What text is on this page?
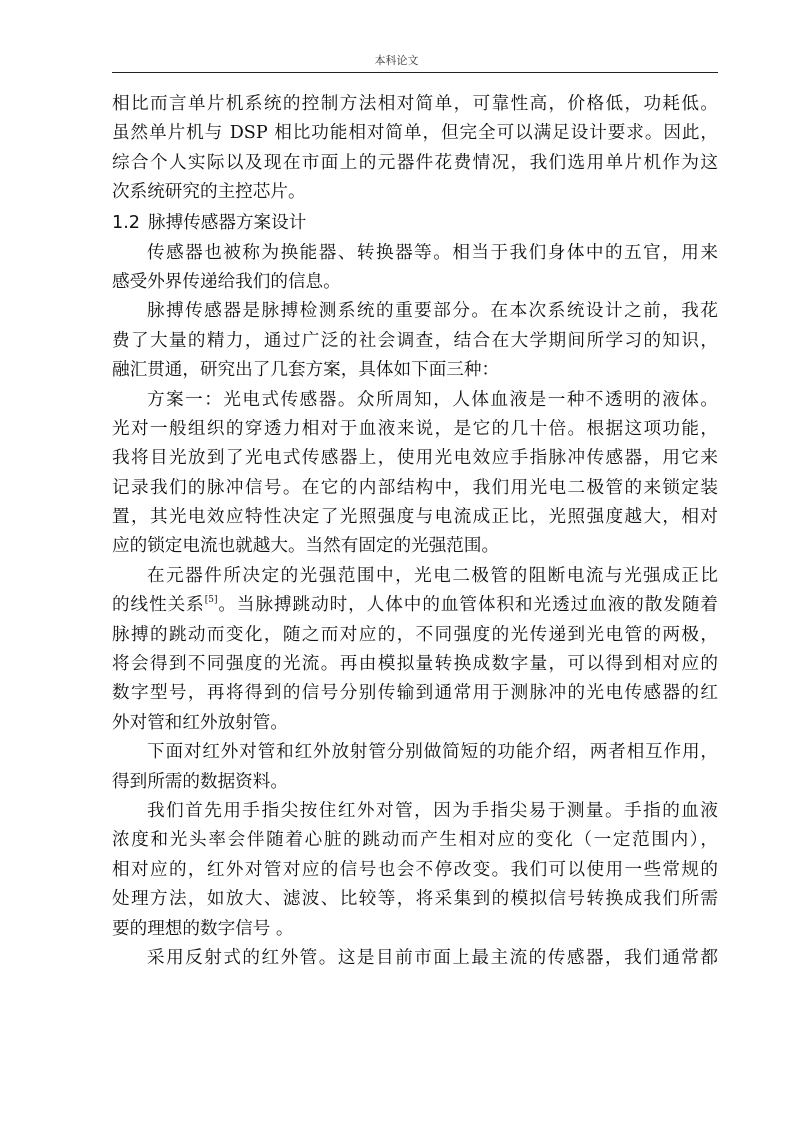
本科论文
相比而言单片机系统的控制方法相对简单，可靠性高，价格低，功耗低。
虽然单片机与 DSP 相比功能相对简单，但完全可以满足设计要求。因此，
综合个人实际以及现在市面上的元器件花费情况，我们选用单片机作为这
次系统研究的主控芯片。
1.2 脉搏传感器方案设计
传感器也被称为换能器、转换器等。相当于我们身体中的五官，用来
感受外界传递给我们的信息。
脉搏传感器是脉搏检测系统的重要部分。在本次系统设计之前，我花
费了大量的精力，通过广泛的社会调查，结合在大学期间所学习的知识，
融汇贯通，研究出了几套方案，具体如下面三种：
方案一：光电式传感器。众所周知，人体血液是一种不透明的液体。
光对一般组织的穿透力相对于血液来说，是它的几十倍。根据这项功能，
我将目光放到了光电式传感器上，使用光电效应手指脉冲传感器，用它来
记录我们的脉冲信号。在它的内部结构中，我们用光电二极管的来锁定装
置，其光电效应特性决定了光照强度与电流成正比，光照强度越大，相对
应的锁定电流也就越大。当然有固定的光强范围。
在元器件所决定的光强范围中，光电二极管的阻断电流与光强成正比
的线性关系[5]。当脉搏跳动时，人体中的血管体积和光透过血液的散发随着
脉搏的跳动而变化，随之而对应的，不同强度的光传递到光电管的两极，
将会得到不同强度的光流。再由模拟量转换成数字量，可以得到相对应的
数字型号，再将得到的信号分别传输到通常用于测脉冲的光电传感器的红
外对管和红外放射管。
下面对红外对管和红外放射管分别做简短的功能介绍，两者相互作用，
得到所需的数据资料。
我们首先用手指尖按住红外对管，因为手指尖易于测量。手指的血液
浓度和光头率会伴随着心脏的跳动而产生相对应的变化（一定范围内），
相对应的，红外对管对应的信号也会不停改变。我们可以使用一些常规的
处理方法，如放大、滤波、比较等，将采集到的模拟信号转换成我们所需
要的理想的数字信号 。
采用反射式的红外管。这是目前市面上最主流的传感器，我们通常都
